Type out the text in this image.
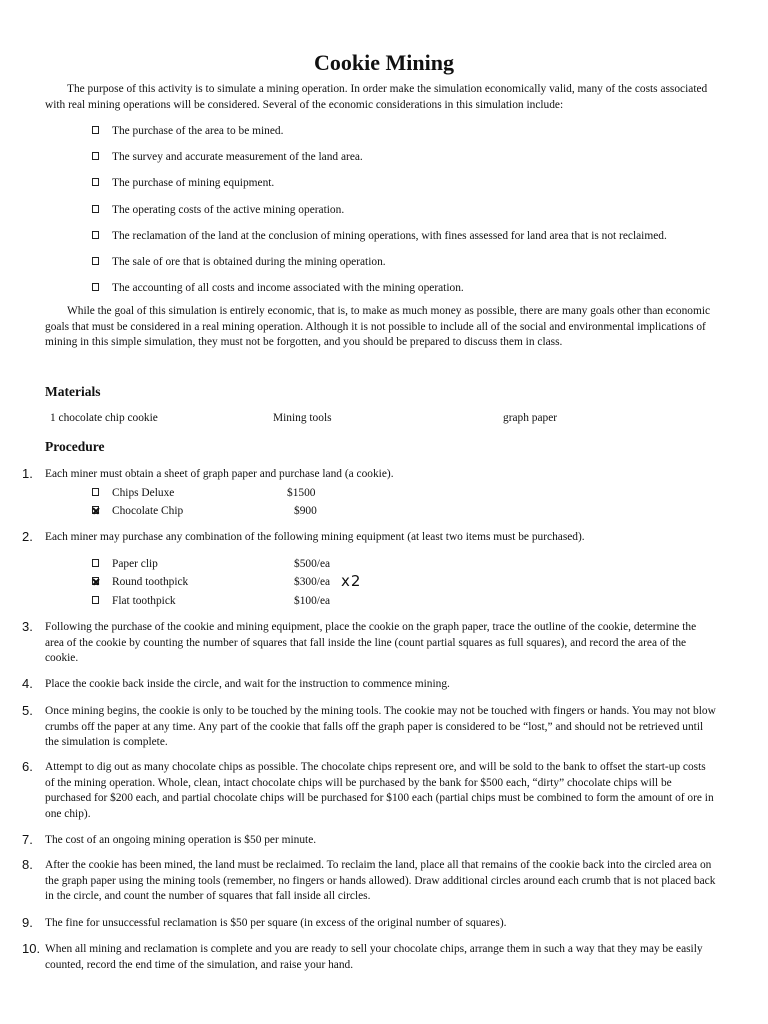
Cookie Mining

The purpose of this activity is to simulate a mining operation. In order make the simulation economically valid, many of the costs associated with real mining operations will be considered. Several of the economic considerations in this simulation include:

The purchase of the area to be mined.
The survey and accurate measurement of the land area.
The purchase of mining equipment.
The operating costs of the active mining operation.
The reclamation of the land at the conclusion of mining operations, with fines assessed for land area that is not reclaimed.
The sale of ore that is obtained during the mining operation.
The accounting of all costs and income associated with the mining operation.

While the goal of this simulation is entirely economic, that is, to make as much money as possible, there are many goals other than economic goals that must be considered in a real mining operation. Although it is not possible to include all of the social and environmental implications of mining in this simple simulation, they must not be forgotten, and you should be prepared to discuss them in class.

Materials
1 chocolate chip cookie	Mining tools	graph paper
Procedure
1.	Each miner must obtain a sheet of graph paper and purchase land (a cookie).

Chips Deluxe	$1500
Chocolate Chip	$900
2.	Each miner may purchase any combination of the following mining equipment (at least two items must be purchased).

Paper clip	$500/ea
Round toothpick	$300/ea x2
Flat toothpick	$100/ea
3.	Following the purchase of the cookie and mining equipment, place the cookie on the graph paper, trace the outline of the cookie, determine the area of the cookie by counting the number of squares that fall inside the line (count partial squares as full squares), and record the area of the cookie.

4.	Place the cookie back inside the circle, and wait for the instruction to commence mining.

5.	Once mining begins, the cookie is only to be touched by the mining tools. The cookie may not be touched with fingers or hands. You may not blow crumbs off the paper at any time. Any part of the cookie that falls off the graph paper is considered to be “lost,” and should not be retrieved until the simulation is complete.

6.	Attempt to dig out as many chocolate chips as possible. The chocolate chips represent ore, and will be sold to the bank to offset the start-up costs of the mining operation. Whole, clean, intact chocolate chips will be purchased by the bank for $500 each, “dirty” chocolate chips will be purchased for $200 each, and partial chocolate chips will be purchased for $100 each (partial chips must be combined to form the amount of ore in one chip).

7.	The cost of an ongoing mining operation is $50 per minute.

8.	After the cookie has been mined, the land must be reclaimed. To reclaim the land, place all that remains of the cookie back into the circled area on the graph paper using the mining tools (remember, no fingers or hands allowed). Draw additional circles around each crumb that is not placed back in the circle, and count the number of squares that fall inside all circles.

9.	The fine for unsuccessful reclamation is $50 per square (in excess of the original number of squares).

10. When all mining and reclamation is complete and you are ready to sell your chocolate chips, arrange them in such a way that they may be easily counted, record the end time of the simulation, and raise your hand.
